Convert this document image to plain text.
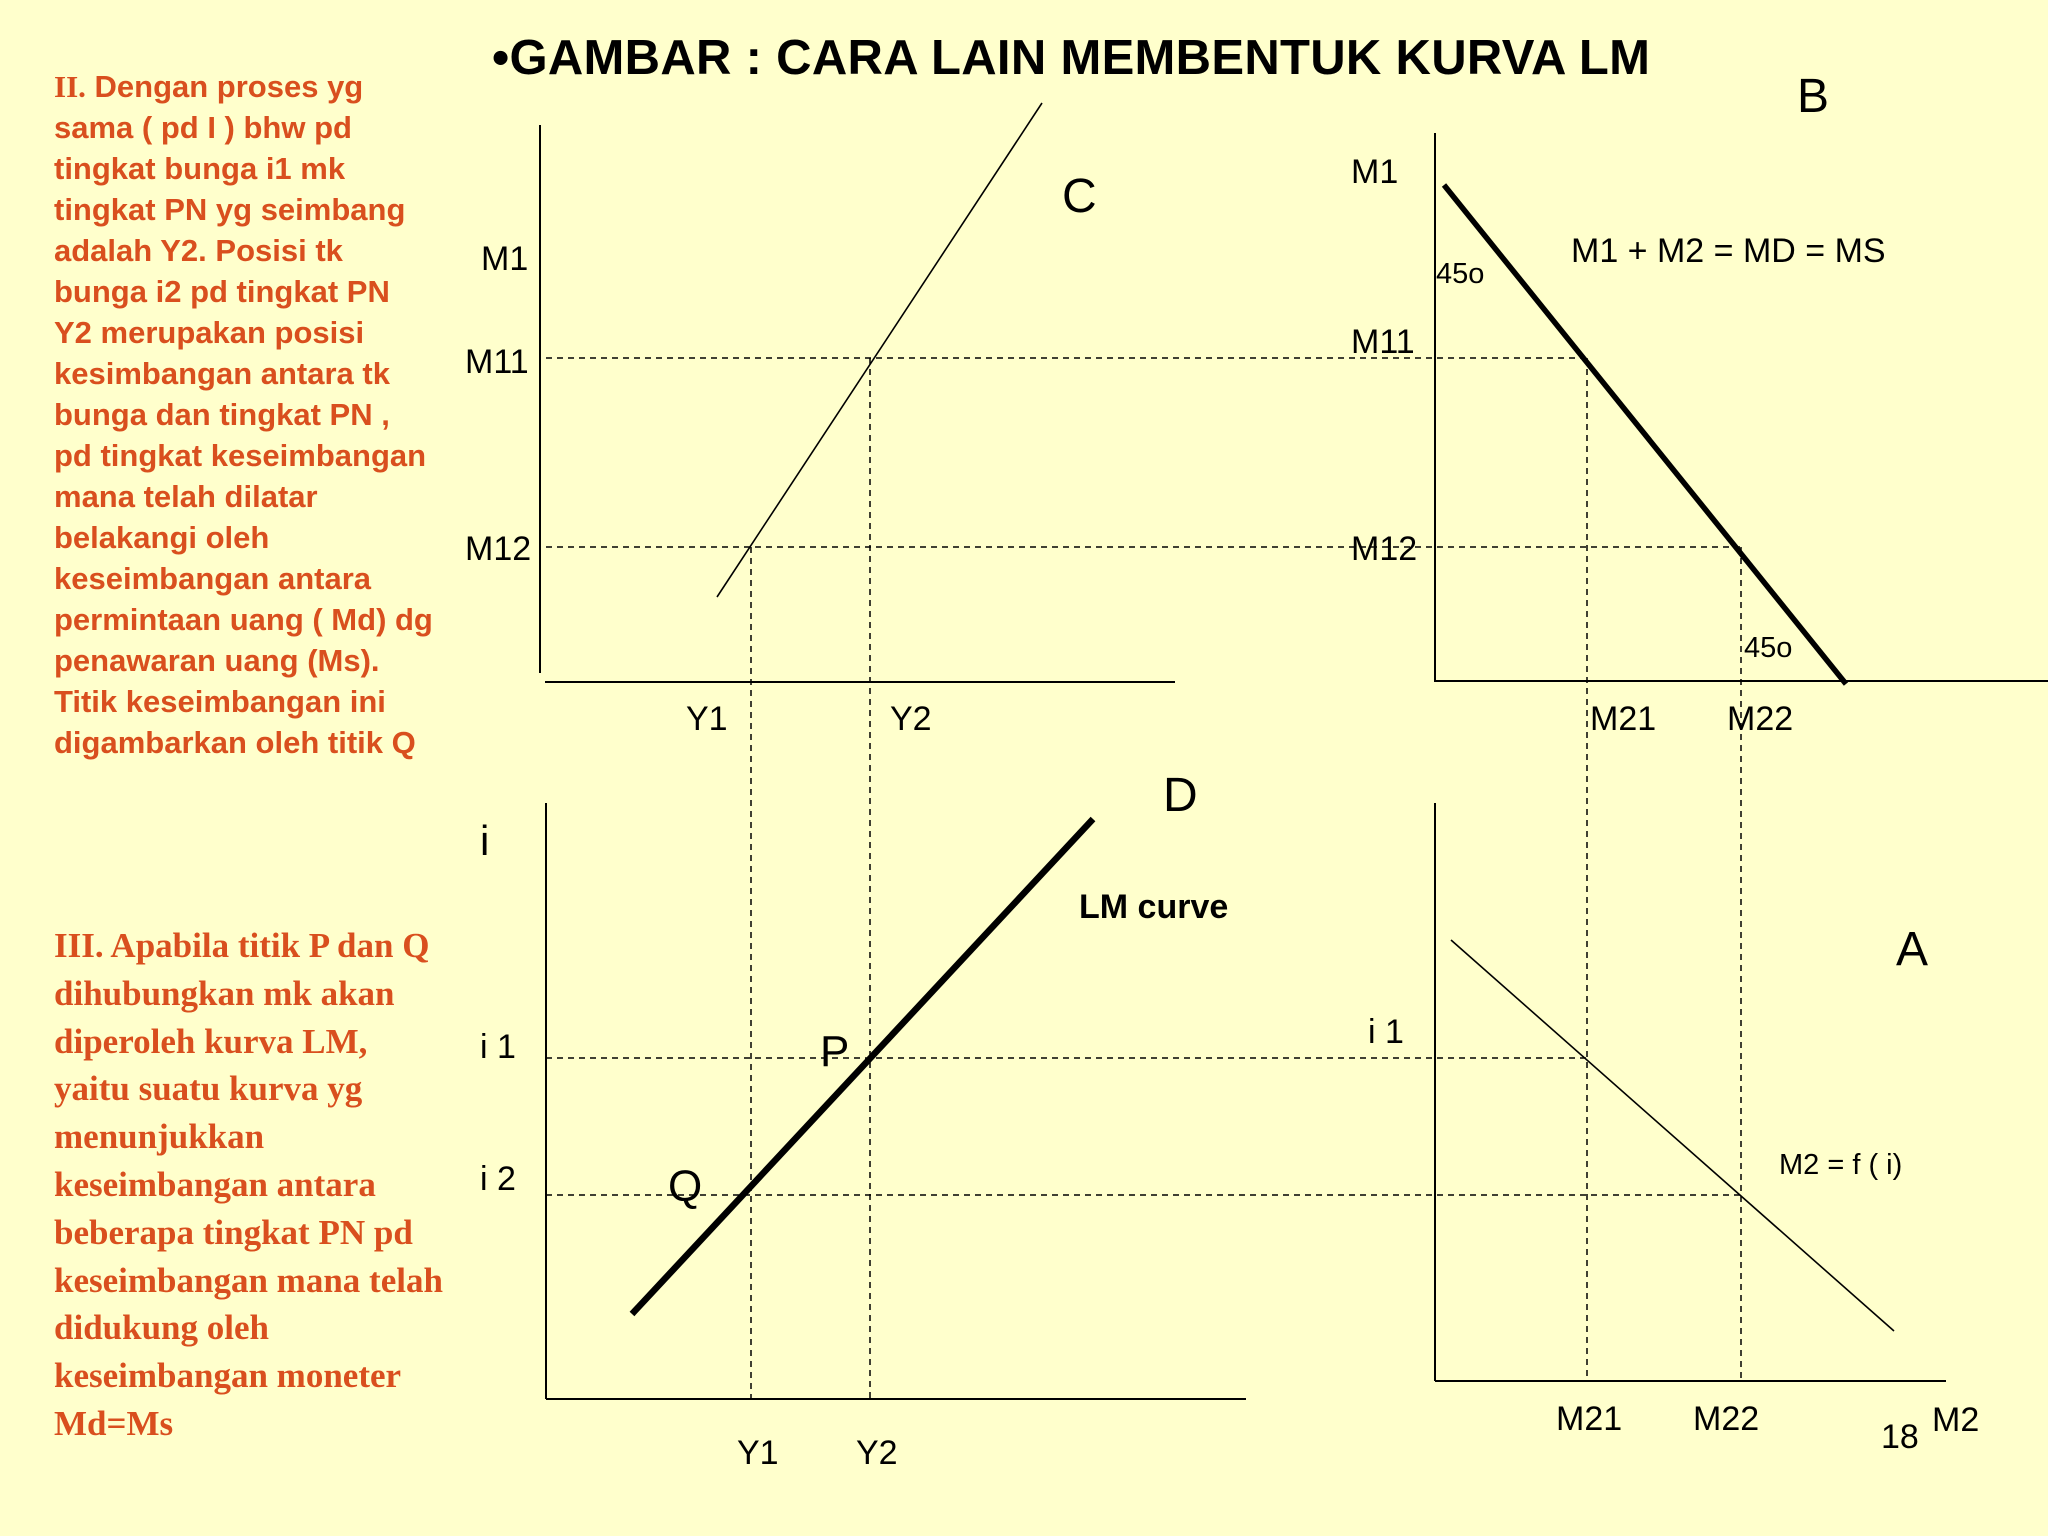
•GAMBAR : CARA LAIN MEMBENTUK KURVA LM
II. Dengan proses yg sama ( pd I ) bhw pd tingkat bunga i1 mk tingkat PN yg seimbang adalah Y2. Posisi tk bunga i2 pd tingkat PN Y2 merupakan posisi kesimbangan antara tk bunga dan tingkat PN , pd tingkat keseimbangan mana telah dilatar belakangi oleh keseimbangan antara permintaan uang ( Md) dg penawaran uang (Ms). Titik keseimbangan ini digambarkan oleh titik Q
III. Apabila titik P dan Q dihubungkan mk akan diperoleh kurva LM, yaitu suatu kurva yg menunjukkan keseimbangan antara beberapa tingkat PN pd keseimbangan mana telah didukung oleh keseimbangan moneter Md=Ms
C
B
D
A
M1
M11
M12
Y1	Y2
M1
M11
M12
M1 + M2 = MD = MS
45o
45o
M21 M22
i
i 1
i 2
LM curve
P
Q
Y1 Y2
i 1
M2 = f ( i)
M21 M22	M2
18
